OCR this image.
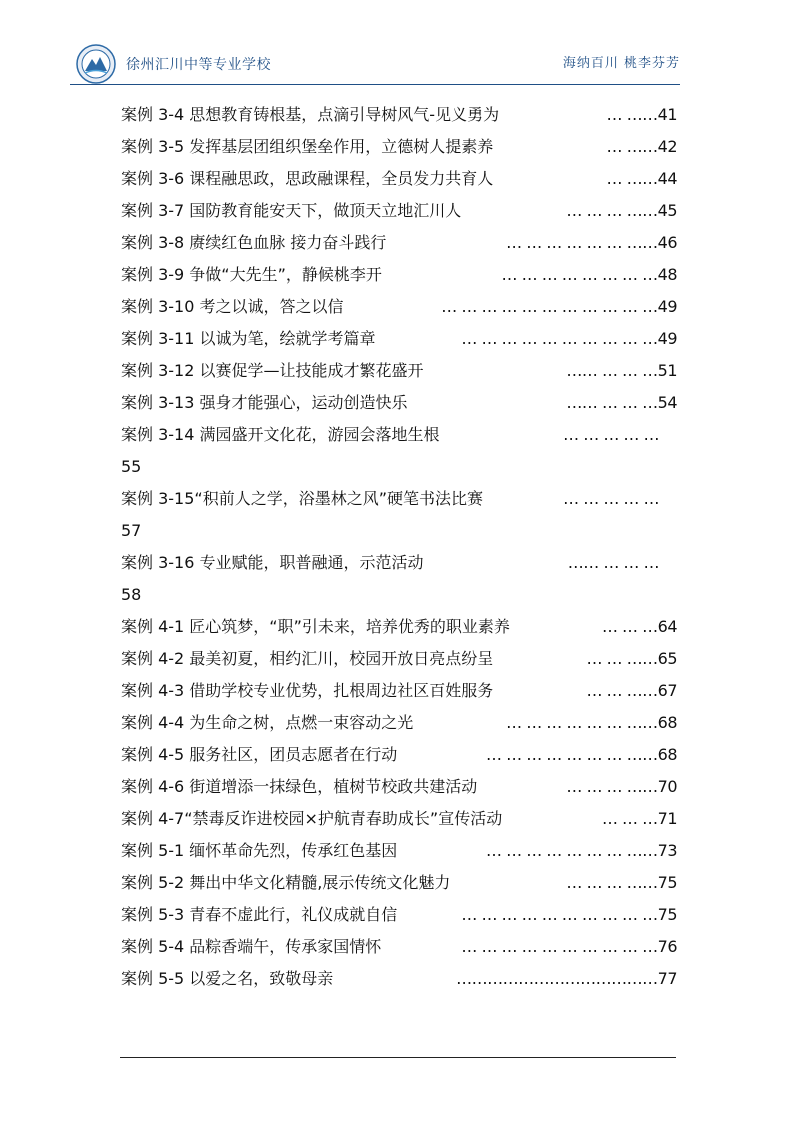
徐州汇川中等专业学校	海纳百川 桃李芬芳
案例 3-4 思想教育铸根基，点滴引导树风气-见义勇为	… ……41
案例 3-5 发挥基层团组织堡垒作用，立德树人提素养	… ……42
案例 3-6 课程融思政，思政融课程，全员发力共育人	… ……44
案例 3-7 国防教育能安天下，做顶天立地汇川人	… … … ……45
案例 3-8 赓续红色血脉 接力奋斗践行	… … … … … … ……46
案例 3-9 争做“大先生”，静候桃李开	… … … … … … … …48
案例 3-10 考之以诚，答之以信	… … … … … … … … … … …49
案例 3-11 以诚为笔，绘就学考篇章	… … … … … … … … … …49
案例 3-12 以赛促学—让技能成才繁花盛开	…… … … …51
案例 3-13 强身才能强心，运动创造快乐	…… … … …54
案例 3-14 满园盛开文化花，游园会落地生根	… … … … …
55
案例 3-15“积前人之学，浴墨林之风”硬笔书法比赛	… … … … …
57
案例 3-16 专业赋能，职普融通，示范活动	…… … … …
58
案例 4-1 匠心筑梦，“职”引未来，培养优秀的职业素养	… … …64
案例 4-2 最美初夏，相约汇川，校园开放日亮点纷呈	… … ……65
案例 4-3 借助学校专业优势，扎根周边社区百姓服务	… … ……67
案例 4-4 为生命之树，点燃一束容动之光	… … … … … … ……68
案例 4-5 服务社区，团员志愿者在行动	… … … … … … … ……68
案例 4-6 街道增添一抹绿色，植树节校政共建活动	… … … ……70
案例 4-7“禁毒反诈进校园×护航青春助成长”宣传活动	… … …71
案例 5-1 缅怀革命先烈，传承红色基因	… … … … … … … ……73
案例 5-2 舞出中华文化精髓,展示传统文化魅力	… … … ……75
案例 5-3 青春不虚此行，礼仪成就自信	… … … … … … … … … …75
案例 5-4 品粽香端午，传承家国情怀	… … … … … … … … … …76
案例 5-5 以爱之名，致敬母亲	…………………………………77
